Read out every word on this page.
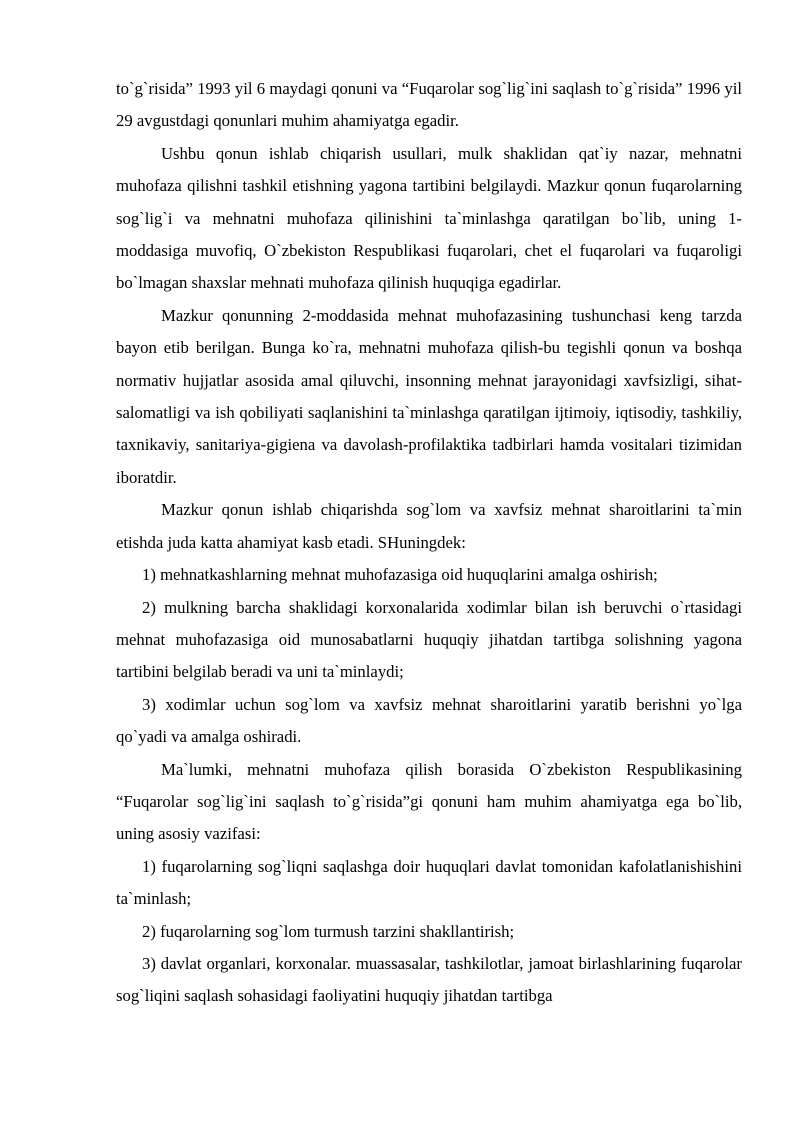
to`g`risida” 1993 yil 6 maydagi qonuni va “Fuqarolar sog`lig`ini saqlash to`g`risida” 1996 yil 29 avgustdagi qonunlari muhim ahamiyatga egadir.

Ushbu qonun ishlab chiqarish usullari, mulk shaklidan qat`iy nazar, mehnatni muhofaza qilishni tashkil etishning yagona tartibini belgilaydi. Mazkur qonun fuqarolarning sog`lig`i va mehnatni muhofaza qilinishini ta`minlashga qaratilgan bo`lib, uning 1-moddasiga muvofiq, O`zbekiston Respublikasi fuqarolari, chet el fuqarolari va fuqaroligi bo`lmagan shaxslar mehnati muhofaza qilinish huquqiga egadirlar.

Mazkur qonunning 2-moddasida mehnat muhofazasining tushunchasi keng tarzda bayon etib berilgan. Bunga ko`ra, mehnatni muhofaza qilish-bu tegishli qonun va boshqa normativ hujjatlar asosida amal qiluvchi, insonning mehnat jarayonidagi xavfsizligi, sihat-salomatligi va ish qobiliyati saqlanishini ta`minlashga qaratilgan ijtimoiy, iqtisodiy, tashkiliy, taxnikaviy, sanitariya-gigiena va davolash-profilaktika tadbirlari hamda vositalari tizimidan iboratdir.

Mazkur qonun ishlab chiqarishda sog`lom va xavfsiz mehnat sharoitlarini ta`min etishda juda katta ahamiyat kasb etadi. SHuningdek:

1) mehnatkashlarning mehnat muhofazasiga oid huquqlarini amalga oshirish;

2) mulkning barcha shaklidagi korxonalarida xodimlar bilan ish beruvchi o`rtasidagi mehnat muhofazasiga oid munosabatlarni huquqiy jihatdan tartibga solishning yagona tartibini belgilab beradi va uni ta`minlaydi;

3) xodimlar uchun sog`lom va xavfsiz mehnat sharoitlarini yaratib berishni yo`lga qo`yadi va amalga oshiradi.

Ma`lumki, mehnatni muhofaza qilish borasida O`zbekiston Respublikasining “Fuqarolar sog`lig`ini saqlash to`g`risida”gi qonuni ham muhim ahamiyatga ega bo`lib, uning asosiy vazifasi:

1) fuqarolarning sog`liqni saqlashga doir huquqlari davlat tomonidan kafolatlanishishini ta`minlash;

2) fuqarolarning sog`lom turmush tarzini shakllantirish;

3) davlat organlari, korxonalar. muassasalar, tashkilotlar, jamoat birlashlarining fuqarolar sog`liqini saqlash sohasidagi faoliyatini huquqiy jihatdan tartibga
